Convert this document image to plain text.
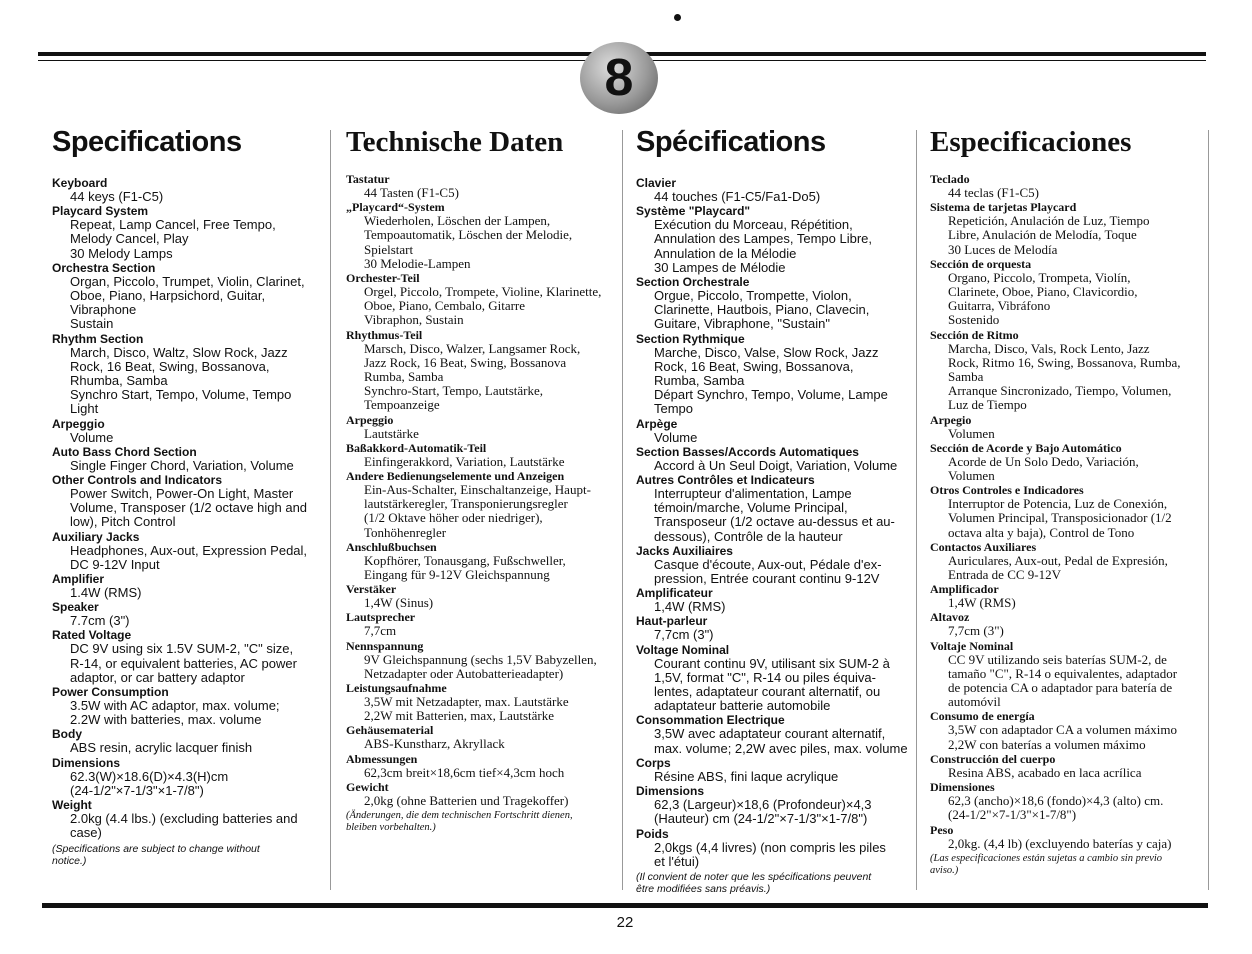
8
Specifications
Keyboard
44 keys (F1-C5)
Playcard System
Repeat, Lamp Cancel, Free Tempo,
Melody Cancel, Play
30 Melody Lamps
Orchestra Section
Organ, Piccolo, Trumpet, Violin, Clarinet,
Oboe, Piano, Harpsichord, Guitar,
Vibraphone
Sustain
Rhythm Section
March, Disco, Waltz, Slow Rock, Jazz
Rock, 16 Beat, Swing, Bossanova,
Rhumba, Samba
Synchro Start, Tempo, Volume, Tempo
Light
Arpeggio
Volume
Auto Bass Chord Section
Single Finger Chord, Variation, Volume
Other Controls and Indicators
Power Switch, Power-On Light, Master
Volume, Transposer (1/2 octave high and
low), Pitch Control
Auxiliary Jacks
Headphones, Aux-out, Expression Pedal,
DC 9-12V Input
Amplifier
1.4W (RMS)
Speaker
7.7cm (3")
Rated Voltage
DC 9V using six 1.5V SUM-2, "C" size,
R-14, or equivalent batteries, AC power
adaptor, or car battery adaptor
Power Consumption
3.5W with AC adaptor, max. volume;
2.2W with batteries, max. volume
Body
ABS resin, acrylic lacquer finish
Dimensions
62.3(W)×18.6(D)×4.3(H)cm
(24-1/2"×7-1/3"×1-7/8")
Weight
2.0kg (4.4 lbs.) (excluding batteries and
case)
(Specifications are subject to change without
notice.)
Technische Daten
Tastatur
44 Tasten (F1-C5)
„Playcard“-System
Wiederholen, Löschen der Lampen,
Tempoautomatik, Löschen der Melodie,
Spielstart
30 Melodie-Lampen
Orchester-Teil
Orgel, Piccolo, Trompete, Violine, Klarinette,
Oboe, Piano, Cembalo, Gitarre
Vibraphon, Sustain
Rhythmus-Teil
Marsch, Disco, Walzer, Langsamer Rock,
Jazz Rock, 16 Beat, Swing, Bossanova
Rumba, Samba
Synchro-Start, Tempo, Lautstärke,
Tempoanzeige
Arpeggio
Lautstärke
Baßakkord-Automatik-Teil
Einfingerakkord, Variation, Lautstärke
Andere Bedienungselemente und Anzeigen
Ein-Aus-Schalter, Einschaltanzeige, Haupt-
lautstärkeregler, Transponierungsregler
(1/2 Oktave höher oder niedriger),
Tonhöhenregler
Anschlußbuchsen
Kopfhörer, Tonausgang, Fußschweller,
Eingang für 9-12V Gleichspannung
Verstäker
1,4W (Sinus)
Lautsprecher
7,7cm
Nennspannung
9V Gleichspannung (sechs 1,5V Babyzellen,
Netzadapter oder Autobatterieadapter)
Leistungsaufnahme
3,5W mit Netzadapter, max. Lautstärke
2,2W mit Batterien, max, Lautstärke
Gehäusematerial
ABS-Kunstharz, Akryllack
Abmessungen
62,3cm breit×18,6cm tief×4,3cm hoch
Gewicht
2,0kg (ohne Batterien und Tragekoffer)
(Änderungen, die dem technischen Fortschritt dienen,
bleiben vorbehalten.)
Spécifications
Clavier
44 touches (F1-C5/Fa1-Do5)
Système "Playcard"
Exécution du Morceau, Répétition,
Annulation des Lampes, Tempo Libre,
Annulation de la Mélodie
30 Lampes de Mélodie
Section Orchestrale
Orgue, Piccolo, Trompette, Violon,
Clarinette, Hautbois, Piano, Clavecin,
Guitare, Vibraphone, "Sustain"
Section Rythmique
Marche, Disco, Valse, Slow Rock, Jazz
Rock, 16 Beat, Swing, Bossanova,
Rumba, Samba
Départ Synchro, Tempo, Volume, Lampe
Tempo
Arpège
Volume
Section Basses/Accords Automatiques
Accord à Un Seul Doigt, Variation, Volume
Autres Contrôles et Indicateurs
Interrupteur d'alimentation, Lampe
témoin/marche, Volume Principal,
Transposeur (1/2 octave au-dessus et au-
dessous), Contrôle de la hauteur
Jacks Auxiliaires
Casque d'écoute, Aux-out, Pédale d'ex-
pression, Entrée courant continu 9-12V
Amplificateur
1,4W (RMS)
Haut-parleur
7,7cm (3")
Voltage Nominal
Courant continu 9V, utilisant six SUM-2 à
1,5V, format "C", R-14 ou piles équiva-
lentes, adaptateur courant alternatif, ou
adaptateur batterie automobile
Consommation Electrique
3,5W avec adaptateur courant alternatif,
max. volume; 2,2W avec piles, max. volume
Corps
Résine ABS, fini laque acrylique
Dimensions
62,3 (Largeur)×18,6 (Profondeur)×4,3
(Hauteur) cm (24-1/2"×7-1/3"×1-7/8")
Poids
2,0kgs (4,4 livres) (non compris les piles
et l'étui)
(Il convient de noter que les spécifications peuvent
être modifiées sans préavis.)
Especificaciones
Teclado
44 teclas (F1-C5)
Sistema de tarjetas Playcard
Repetición, Anulación de Luz, Tiempo
Libre, Anulación de Melodía, Toque
30 Luces de Melodía
Sección de orquesta
Organo, Piccolo, Trompeta, Violín,
Clarinete, Oboe, Piano, Clavicordio,
Guitarra, Vibráfono
Sostenido
Sección de Ritmo
Marcha, Disco, Vals, Rock Lento, Jazz
Rock, Ritmo 16, Swing, Bossanova, Rumba,
Samba
Arranque Sincronizado, Tiempo, Volumen,
Luz de Tiempo
Arpegio
Volumen
Sección de Acorde y Bajo Automático
Acorde de Un Solo Dedo, Variación,
Volumen
Otros Controles e Indicadores
Interruptor de Potencia, Luz de Conexión,
Volumen Principal, Transposicionador (1/2
octava alta y baja), Control de Tono
Contactos Auxiliares
Auriculares, Aux-out, Pedal de Expresión,
Entrada de CC 9-12V
Amplificador
1,4W (RMS)
Altavoz
7,7cm (3")
Voltaje Nominal
CC 9V utilizando seis baterías SUM-2, de
tamaño "C", R-14 o equivalentes, adaptador
de potencia CA o adaptador para batería de
automóvil
Consumo de energía
3,5W con adaptador CA a volumen máximo
2,2W con baterías a volumen máximo
Construcción del cuerpo
Resina ABS, acabado en laca acrílica
Dimensiones
62,3 (ancho)×18,6 (fondo)×4,3 (alto) cm.
(24-1/2"×7-1/3"×1-7/8")
Peso
2,0kg. (4,4 lb) (excluyendo baterías y caja)
(Las especificaciones están sujetas a cambio sin previo
aviso.)
22
